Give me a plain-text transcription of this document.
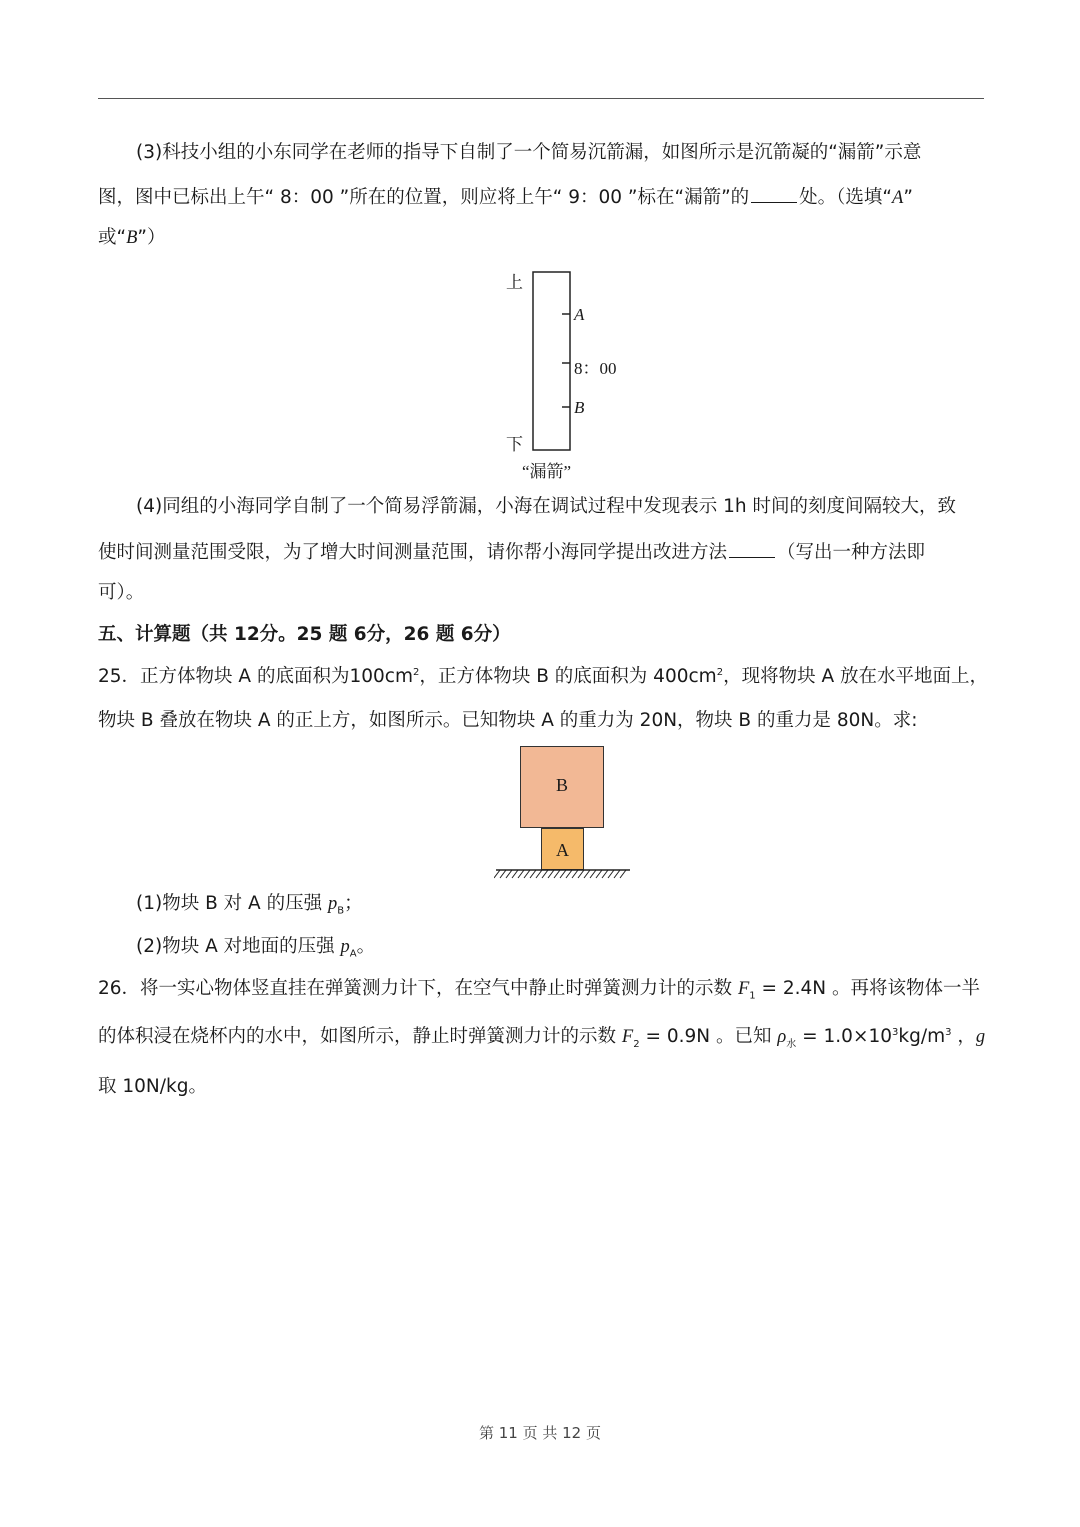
(3)科技小组的小东同学在老师的指导下自制了一个简易沉箭漏，如图所示是沉箭凝的“漏箭”示意
图，图中已标出上午“ 8：00 ”所在的位置，则应将上午“ 9：00 ”标在“漏箭”的	处。（选填“A”
或“B”）
上
下
A
8：00
B
“漏箭”
(4)同组的小海同学自制了一个简易浮箭漏，小海在调试过程中发现表示 1h 时间的刻度间隔较大，致
使时间测量范围受限，为了增大时间测量范围，请你帮小海同学提出改进方法	（写出一种方法即
可）。
五、计算题（共 12分。25 题 6分，26 题 6分）
25．正方体物块 A 的底面积为$100cm^2$，正方体物块 B 的底面积为 $400cm^2$，现将物块 A 放在水平地面上，
物块 B 叠放在物块 A 的正上方，如图所示。已知物块 A 的重力为 20N，物块 B 的重力是 80N。求:
B
A
(1)物块 B 对 A 的压强 $p_B$；
(2)物块 A 对地面的压强 $p_A$。
26．将一实心物体竖直挂在弹簧测力计下，在空气中静止时弹簧测力计的示数 $F_1 = 2.4N$ 。再将该物体一半
的体积浸在烧杯内的水中，如图所示，静止时弹簧测力计的示数 $F_2 = 0.9N$ 。已知 $\rho_水 = 1.0\times 10^3kg/m^3$ ，g
取 10N/kg。
第 11 页 共 12 页
